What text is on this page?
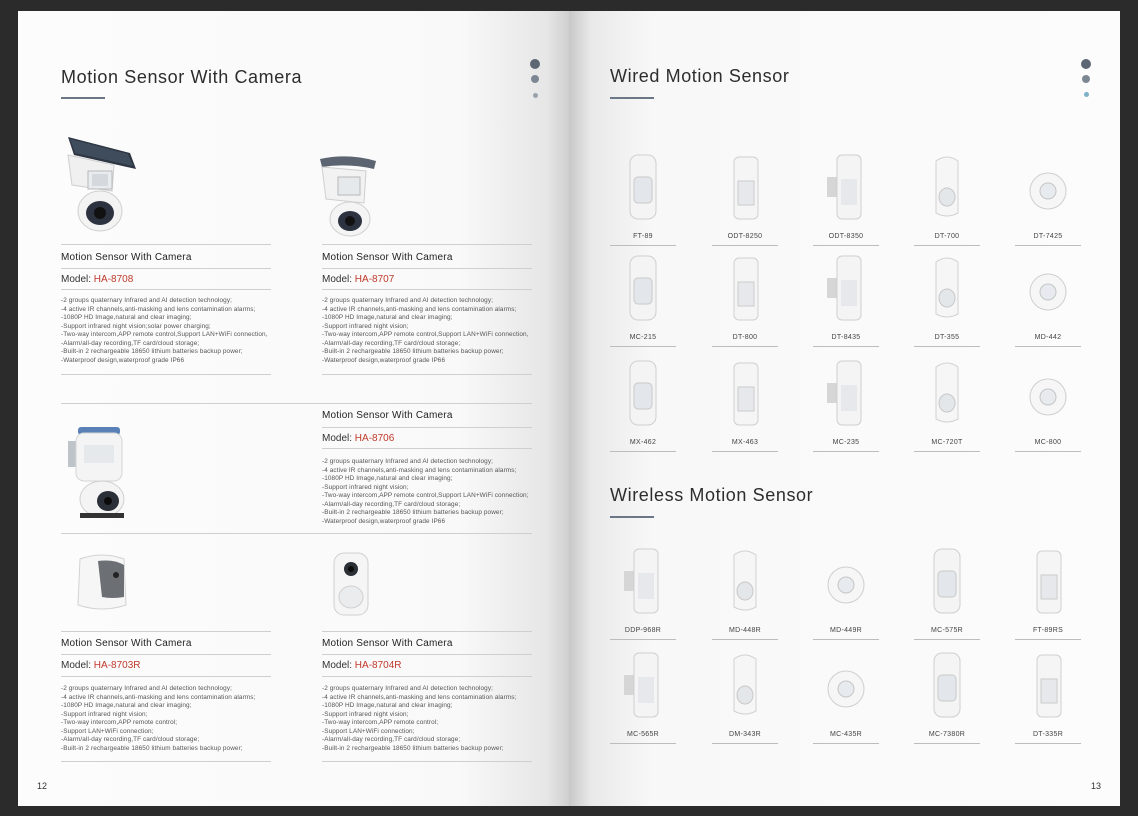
Motion Sensor With Camera
Motion Sensor With Camera
Model: HA-8708
-2 groups quaternary Infrared and AI detection technology;
-4 active IR channels,anti-masking and lens contamination alarms;
-1080P HD Image,natural and clear imaging;
-Support infrared night vision;solar power charging;
-Two-way intercom,APP remote control,Support LAN+WiFi connection,
-Alarm/all-day recording,TF card/cloud storage;
-Built-in 2 rechargeable 18650 lithium batteries backup power;
-Waterproof design,waterproof grade IP66
Motion Sensor With Camera
Model: HA-8707
-2 groups quaternary Infrared and AI detection technology;
-4 active IR channels,anti-masking and lens contamination alarms;
-1080P HD Image,natural and clear imaging;
-Support infrared night vision;
-Two-way intercom,APP remote control,Support LAN+WiFi connection,
-Alarm/all-day recording,TF card/cloud storage;
-Built-in 2 rechargeable 18650 lithium batteries backup power;
-Waterproof design,waterproof grade IP66
Motion Sensor With Camera
Model: HA-8706
-2 groups quaternary Infrared and AI detection technology;
-4 active IR channels,anti-masking and lens contamination alarms;
-1080P HD Image,natural and clear imaging;
-Support infrared night vision;
-Two-way intercom,APP remote control,Support LAN+WiFi connection;
-Alarm/all-day recording,TF card/cloud storage;
-Built-in 2 rechargeable 18650 lithium batteries backup power;
-Waterproof design,waterproof grade IP66
Motion Sensor With Camera
Model: HA-8703R
-2 groups quaternary Infrared and AI detection technology;
-4 active IR channels,anti-masking and lens contamination alarms;
-1080P HD Image,natural and clear imaging;
-Support infrared night vision;
-Two-way intercom,APP remote control;
-Support LAN+WiFi connection;
-Alarm/all-day recording,TF card/cloud storage;
-Built-in 2 rechargeable 18650 lithium batteries backup power;
Motion Sensor With Camera
Model: HA-8704R
-2 groups quaternary Infrared and AI detection technology;
-4 active IR channels,anti-masking and lens contamination alarms;
-1080P HD Image,natural and clear imaging;
-Support infrared night vision;
-Two-way intercom,APP remote control;
-Support LAN+WiFi connection;
-Alarm/all-day recording,TF card/cloud storage;
-Built-in 2 rechargeable 18650 lithium batteries backup power;
12
Wired Motion Sensor
FT-89	ODT-8250	ODT-8350	DT-700	DT-7425
MC-215	DT-800	DT-8435	DT-355	MD-442
MX-462	MX-463	MC-235	MC-720T	MC-800
Wireless Motion Sensor
DDP-968R	MD-448R	MD-449R	MC-575R	FT-89RS
MC-565R	DM-343R	MC-435R	MC-7380R	DT-335R
13
